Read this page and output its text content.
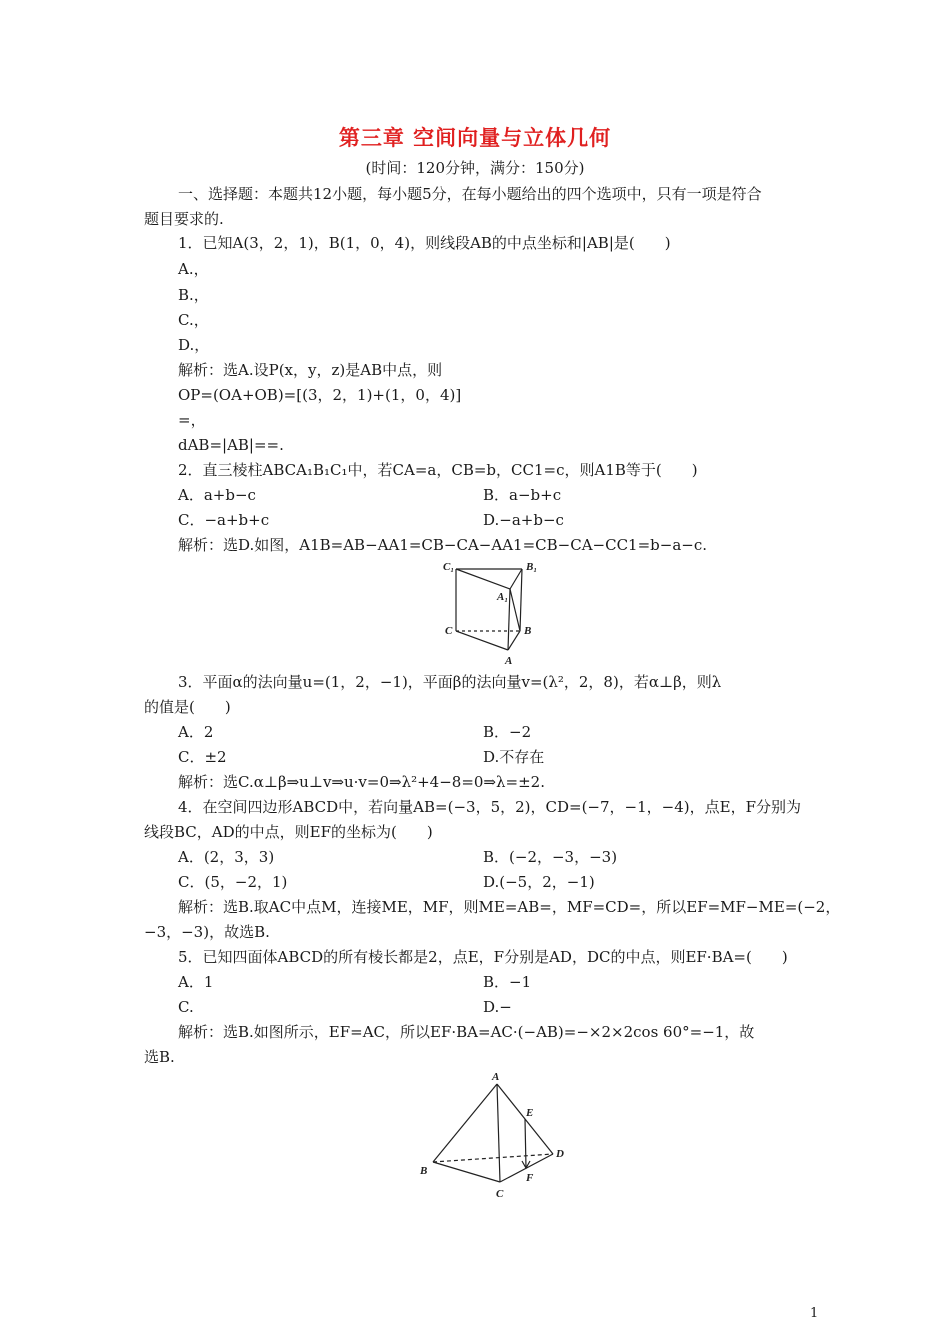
第三章 空间向量与立体几何
(时间：120分钟，满分：150分)
一、选择题：本题共12小题，每小题5分，在每小题给出的四个选项中，只有一项是符合
题目要求的.
1．已知A(3，2，1)，B(1，0，4)，则线段AB的中点坐标和|AB|是(　　)
A.，
B.，
C.，
D.，
解析：选A.设P(x，y，z)是AB中点，则
OP=(OA+OB)=[(3，2，1)+(1，0，4)]
=，
dAB=|AB|==.
2．直三棱柱ABCA₁B₁C₁中，若CA=a，CB=b，CC1=c，则A1B等于(　　)
A．a+b−c	B．a−b+c
C．−a+b+c	D.−a+b−c
解析：选D.如图，A1B=AB−AA1=CB−CA−AA1=CB−CA−CC1=b−a−c.
C₁	B₁
A₁
C	B
A
3．平面α的法向量u=(1，2，−1)，平面β的法向量v=(λ²，2，8)，若α⊥β，则λ
的值是(　　)
A．2	B．−2
C．±2	D.不存在
解析：选C.α⊥β⇒u⊥v⇒u·v=0⇒λ²+4−8=0⇒λ=±2.
4．在空间四边形ABCD中，若向量AB=(−3，5，2)，CD=(−7，−1，−4)，点E，F分别为
线段BC，AD的中点，则EF的坐标为(　　)
A．(2，3，3)	B．(−2，−3，−3)
C．(5，−2，1)	D.(−5，2，−1)
解析：选B.取AC中点M，连接ME，MF，则ME=AB=，MF=CD=，所以EF=MF−ME=(−2，
−3，−3)，故选B.
5．已知四面体ABCD的所有棱长都是2，点E，F分别是AD，DC的中点，则EF·BA=(　　)
A．1	B．−1
C.	D.−
解析：选B.如图所示，EF=AC，所以EF·BA=AC·(−AB)=−×2×2cos 60°=−1，故
选B.
A
E
D
B
F
C
1
